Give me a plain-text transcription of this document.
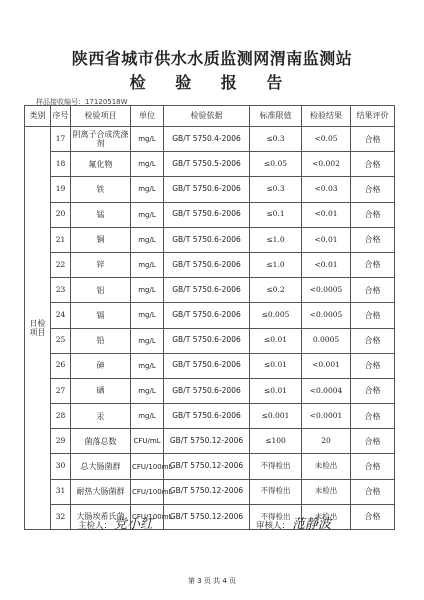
陕西省城市供水水质监测网渭南监测站
检 验 报 告
样品接收编号：17120518W
类别	序号	检验项目	单位	检验依据	标准限值	检验结果	结果评价
日检项目	17	阴离子合成洗涤剂	mg/L	GB/T 5750.4-2006	≤0.3	<0.05	合格
	18	氟化物	mg/L	GB/T 5750.5-2006	≤0.05	<0.002	合格
	19	铁	mg/L	GB/T 5750.6-2006	≤0.3	<0.03	合格
	20	锰	mg/L	GB/T 5750.6-2006	≤0.1	<0.01	合格
	21	铜	mg/L	GB/T 5750.6-2006	≤1.0	<0.01	合格
	22	锌	mg/L	GB/T 5750.6-2006	≤1.0	<0.01	合格
	23	铝	mg/L	GB/T 5750.6-2006	≤0.2	<0.0005	合格
	24	镉	mg/L	GB/T 5750.6-2006	≤0.005	<0.0005	合格
	25	铅	mg/L	GB/T 5750.6-2006	≤0.01	0.0005	合格
	26	砷	mg/L	GB/T 5750.6-2006	≤0.01	<0.001	合格
	27	硒	mg/L	GB/T 5750.6-2006	≤0.01	<0.0004	合格
	28	汞	mg/L	GB/T 5750.6-2006	≤0.001	<0.0001	合格
	29	菌落总数	CFU/mL	GB/T 5750.12-2006	≤100	20	合格
	30	总大肠菌群	CFU/100mL	GB/T 5750.12-2006	不得检出	未检出	合格
	31	耐热大肠菌群	CFU/100mL	GB/T 5750.12-2006	不得检出	未检出	合格
	32	大肠埃希氏菌	CFU/100mL	GB/T 5750.12-2006	不得检出	未检出	合格
主检人： 党小红	审核人： 范静波
第 3 页 共 4 页
